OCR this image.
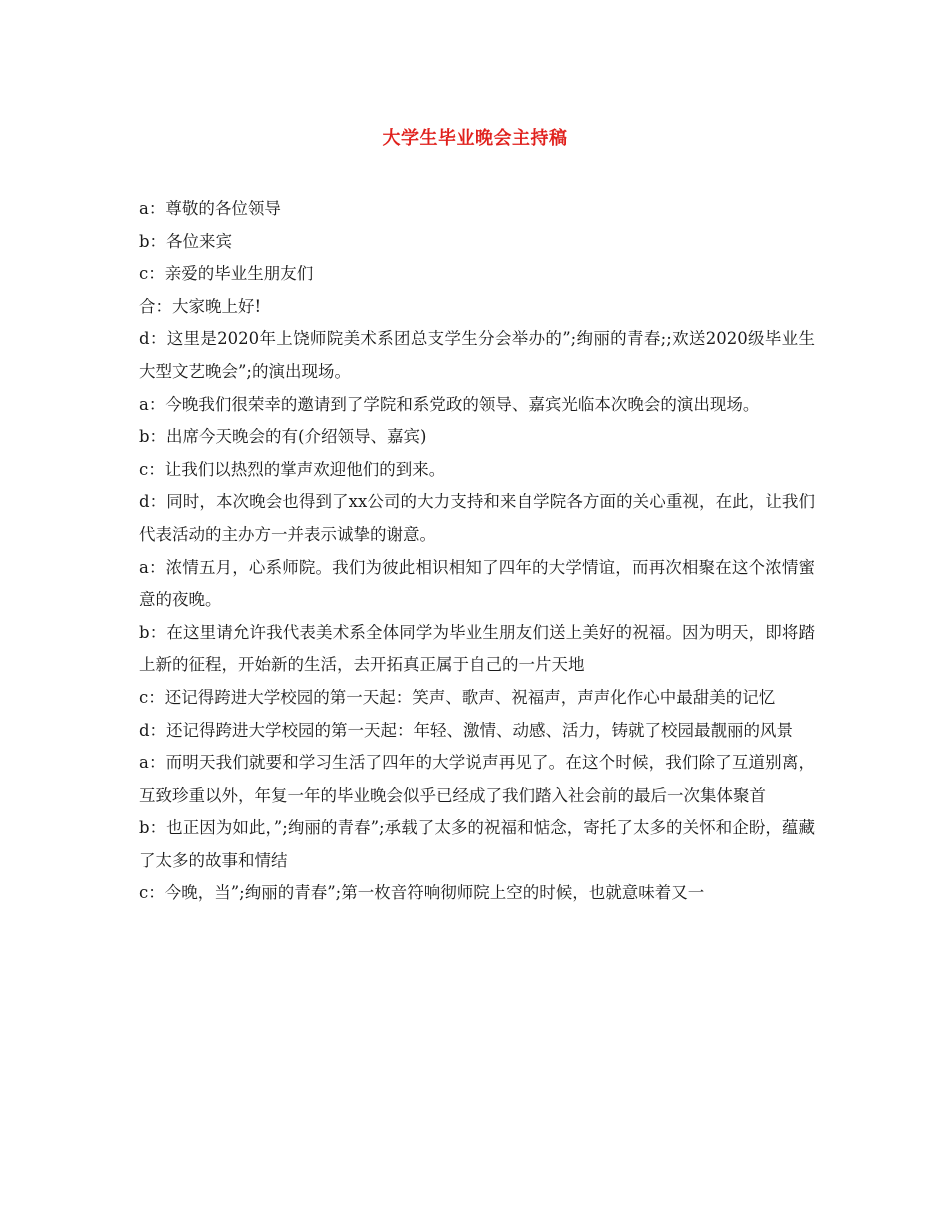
大学生毕业晚会主持稿

a：尊敬的各位领导

b：各位来宾

c：亲爱的毕业生朋友们

合：大家晚上好!

d：这里是2020年上饶师院美术系团总支学生分会举办的”;绚丽的青春;;欢送2020级毕业生大型文艺晚会”;的演出现场。

a：今晚我们很荣幸的邀请到了学院和系党政的领导、嘉宾光临本次晚会的演出现场。

b：出席今天晚会的有(介绍领导、嘉宾)

c：让我们以热烈的掌声欢迎他们的到来。

d：同时，本次晚会也得到了xx公司的大力支持和来自学院各方面的关心重视，在此，让我们代表活动的主办方一并表示诚挚的谢意。

a：浓情五月，心系师院。我们为彼此相识相知了四年的大学情谊，而再次相聚在这个浓情蜜意的夜晚。

b：在这里请允许我代表美术系全体同学为毕业生朋友们送上美好的祝福。因为明天，即将踏上新的征程，开始新的生活，去开拓真正属于自己的一片天地

c：还记得跨进大学校园的第一天起：笑声、歌声、祝福声，声声化作心中最甜美的记忆

d：还记得跨进大学校园的第一天起：年轻、激情、动感、活力，铸就了校园最靓丽的风景

a：而明天我们就要和学习生活了四年的大学说声再见了。在这个时候，我们除了互道别离，互致珍重以外，年复一年的毕业晚会似乎已经成了我们踏入社会前的最后一次集体聚首

b：也正因为如此，”;绚丽的青春”;承载了太多的祝福和惦念，寄托了太多的关怀和企盼，蕴藏了太多的故事和情结

c：今晚，当”;绚丽的青春”;第一枚音符响彻师院上空的时候，也就意味着又一
